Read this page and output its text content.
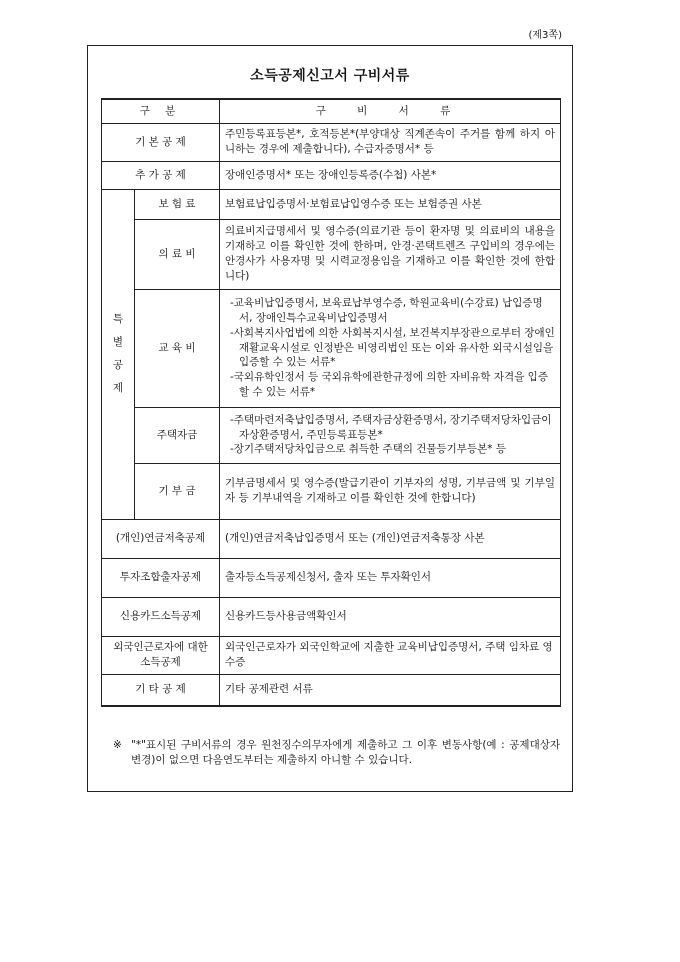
(제3쪽)
소득공제신고서 구비서류
구 분		구 비 서 류
기 본 공 제		주민등록표등본*, 호적등본*(부양대상 직계존속이 주거를 함께 하지 아니하는 경우에 제출합니다), 수급자증명서* 등
추 가 공 제		장애인증명서* 또는 장애인등록증(수첩) 사본*

특
별
공
제	보 험 료	보험료납입증명서·보험료납입영수증 또는 보험증권 사본
	의 료 비	의료비지급명세서 및 영수증(의료기관 등이 환자명 및 의료비의 내용을 기재하고 이를 확인한 것에 한하며, 안경·콘택트렌즈 구입비의 경우에는 안경사가 사용자명 및 시력교정용임을 기재하고 이를 확인한 것에 한합니다)
	교 육 비	-교육비납입증명서, 보육료납부영수증, 학원교육비(수강료) 납입증명서, 장애인특수교육비납입증명서

-사회복지사업법에 의한 사회복지시설, 보건복지부장관으로부터 장애인 재활교육시설로 인정받은 비영리법인 또는 이와 유사한 외국시설임을 입증할 수 있는 서류*

-국외유학인정서 등 국외유학에관한규정에 의한 자비유학 자격을 입증할 수 있는 서류*

	주택자금	-주택마련저축납입증명서, 주택자금상환증명서, 장기주택저당차입금이자상환증명서, 주민등록표등본*

-장기주택저당차입금으로 취득한 주택의 건물등기부등본* 등

	기 부 금	기부금명세서 및 영수증(발급기관이 기부자의 성명, 기부금액 및 기부일자 등 기부내역을 기재하고 이를 확인한 것에 한합니다)
(개인)연금저축공제		(개인)연금저축납입증명서 또는 (개인)연금저축통장 사본
투자조합출자공제		출자등소득공제신청서, 출자 또는 투자확인서
신용카드소득공제		신용카드등사용금액확인서
외국인근로자에 대한 소득공제		외국인근로자가 외국인학교에 지출한 교육비납입증명서, 주택 임차료 영수증
기 타 공 제		기타 공제관련 서류
※ "*"표시된 구비서류의 경우 원천징수의무자에게 제출하고 그 이후 변동사항(예 : 공제대상자 변경)이 없으면 다음연도부터는 제출하지 아니할 수 있습니다.
